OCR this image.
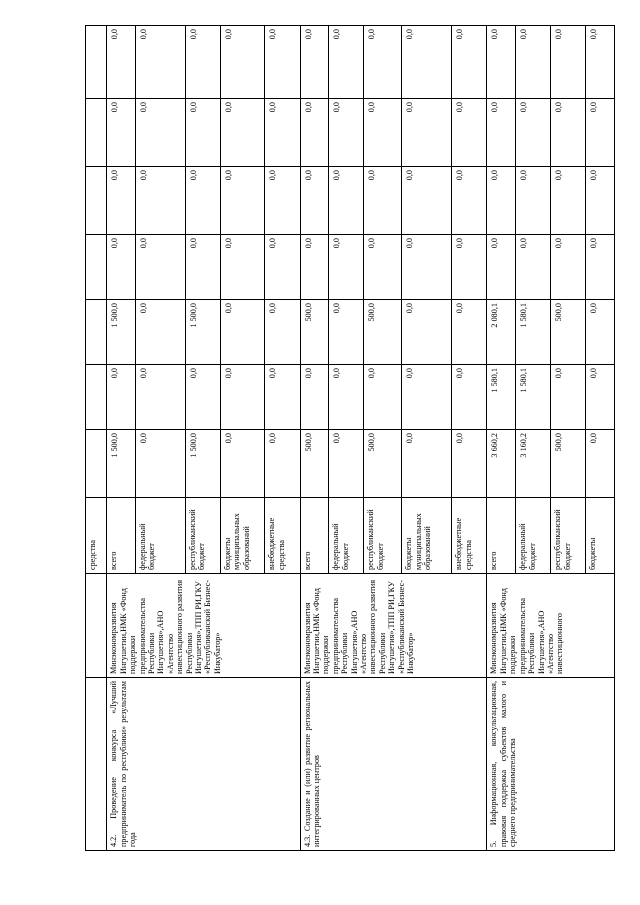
		средства							
4.2. Проведение конкурса «Лучший предприниматель по республики» результатам года	Минэкономразвития Ингушетии,НМК «Фонд поддержки предпринимательства Республики Ингушетия»,АНО «Агентство инвестиционного развития Республики Ингушетия»,ТПП РИ,ГКУ «Республиканский Бизнес-Инкубатор»	всего	1 500,0	0,0	1 500,0	0,0	0,0	0,0	0,0
		федеральный бюджет	0,0	0,0	0,0	0,0	0,0	0,0	0,0
		республиканский бюджет	1 500,0	0,0	1 500,0	0,0	0,0	0,0	0,0
		бюджеты муниципальных образований	0,0	0,0	0,0	0,0	0,0	0,0	0,0
		внебюджетные средства	0,0	0,0	0,0	0,0	0,0	0,0	0,0
4.3. Создание и (или) развитие региональных интегрированных центров	Минэкономразвития Ингушетии,НМК «Фонд поддержки предпринимательства Республики Ингушетия»,АНО «Агентство инвестиционного развития Республики Ингушетия»,ТПП РИ,ГКУ «Республиканский Бизнес-Инкубатор»	всего	500,0	0,0	500,0	0,0	0,0	0,0	0,0
		федеральный бюджет	0,0	0,0	0,0	0,0	0,0	0,0	0,0
		республиканский бюджет	500,0	0,0	500,0	0,0	0,0	0,0	0,0
		бюджеты муниципальных образований	0,0	0,0	0,0	0,0	0,0	0,0	0,0
		внебюджетные средства	0,0	0,0	0,0	0,0	0,0	0,0	0,0
5. Информационная, консультационная, правовая поддержка субъектов малого и среднего предпринимательства	Минэкономразвития Ингушетии,НМК «Фонд поддержки предпринимательства Республики Ингушетия»,АНО «Агентство инвестиционного	всего	3 660,2	1 580,1	2 080,1	0,0	0,0	0,0	0,0
		федеральный бюджет	3 160,2	1 580,1	1 580,1	0,0	0,0	0,0	0,0
		республиканский бюджет	500,0	0,0	500,0	0,0	0,0	0,0	0,0
		бюджеты	0,0	0,0	0,0	0,0	0,0	0,0	0,0
